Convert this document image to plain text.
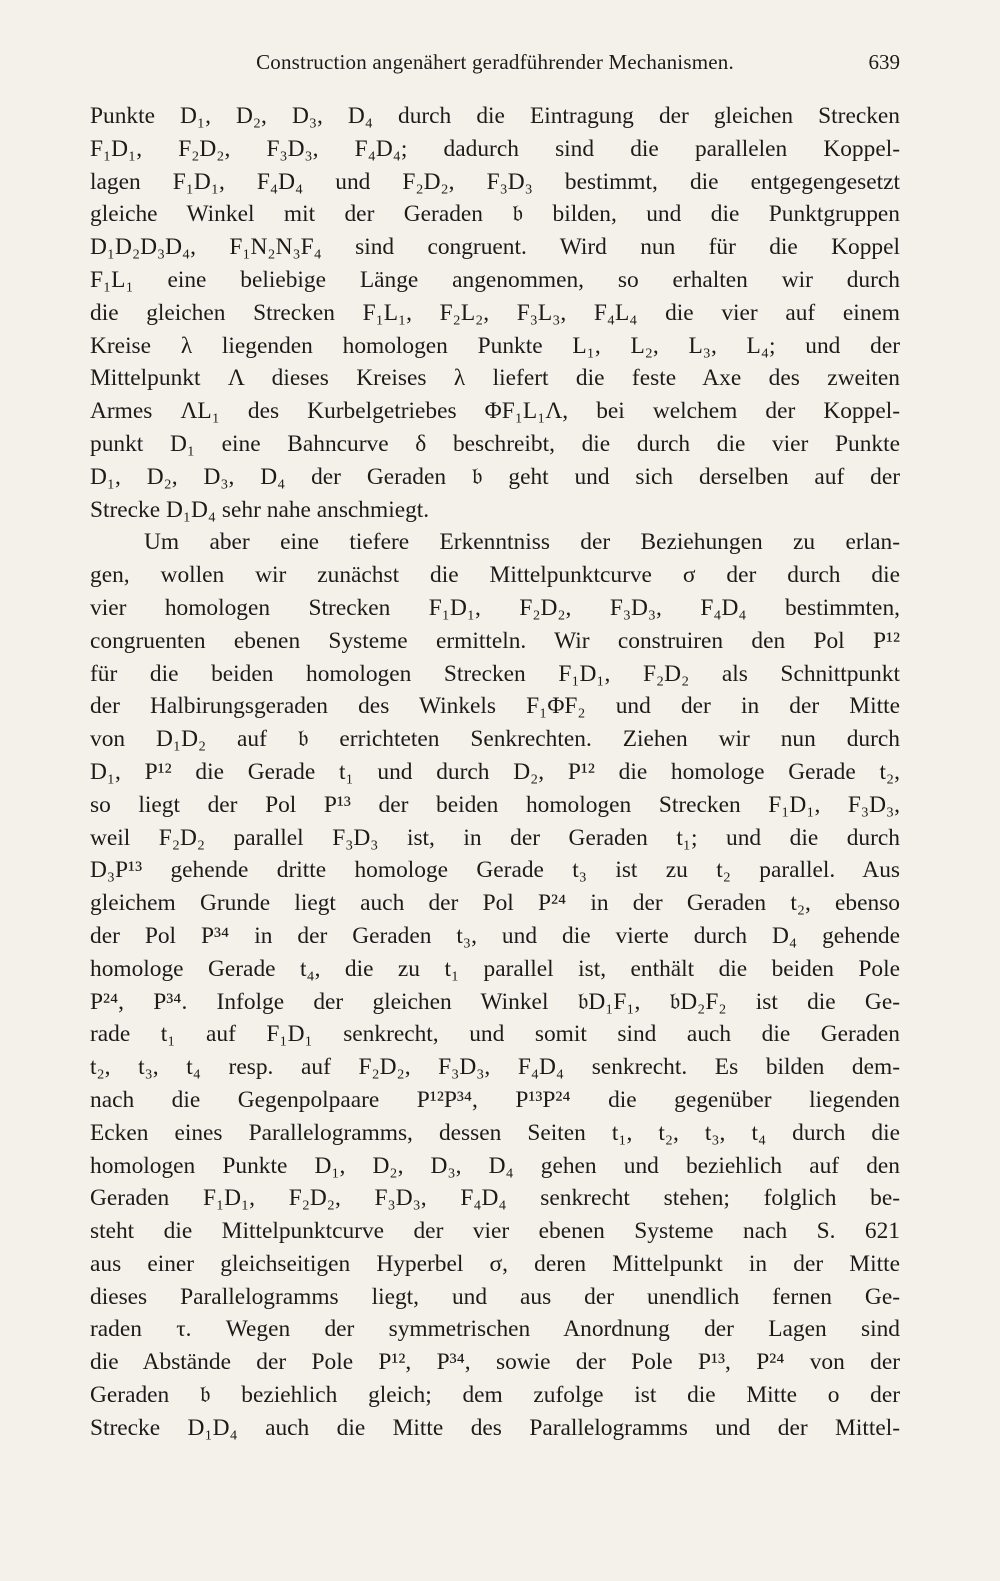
Construction angenähert geradführender Mechanismen.	639
Punkte D₁, D₂, D₃, D₄ durch die Eintragung der gleichen Strecken
F₁D₁, F₂D₂, F₃D₃, F₄D₄; dadurch sind die parallelen Koppel-
lagen F₁D₁, F₄D₄ und F₂D₂, F₃D₃ bestimmt, die entgegengesetzt
gleiche Winkel mit der Geraden 𝔟 bilden, und die Punktgruppen
D₁D₂D₃D₄, F₁N₂N₃F₄ sind congruent. Wird nun für die Koppel
F₁L₁ eine beliebige Länge angenommen, so erhalten wir durch
die gleichen Strecken F₁L₁, F₂L₂, F₃L₃, F₄L₄ die vier auf einem
Kreise λ liegenden homologen Punkte L₁, L₂, L₃, L₄; und der
Mittelpunkt Λ dieses Kreises λ liefert die feste Axe des zweiten
Armes ΛL₁ des Kurbelgetriebes ΦF₁L₁Λ, bei welchem der Koppel-
punkt D₁ eine Bahncurve δ beschreibt, die durch die vier Punkte
D₁, D₂, D₃, D₄ der Geraden 𝔟 geht und sich derselben auf der
Strecke D₁D₄ sehr nahe anschmiegt.
Um aber eine tiefere Erkenntniss der Beziehungen zu erlan-
gen, wollen wir zunächst die Mittelpunktcurve σ der durch die
vier homologen Strecken F₁D₁, F₂D₂, F₃D₃, F₄D₄ bestimmten,
congruenten ebenen Systeme ermitteln. Wir construiren den Pol P¹²
für die beiden homologen Strecken F₁D₁, F₂D₂ als Schnittpunkt
der Halbirungsgeraden des Winkels F₁ΦF₂ und der in der Mitte
von D₁D₂ auf 𝔟 errichteten Senkrechten. Ziehen wir nun durch
D₁, P¹² die Gerade t₁ und durch D₂, P¹² die homologe Gerade t₂,
so liegt der Pol P¹³ der beiden homologen Strecken F₁D₁, F₃D₃,
weil F₂D₂ parallel F₃D₃ ist, in der Geraden t₁; und die durch
D₃P¹³ gehende dritte homologe Gerade t₃ ist zu t₂ parallel. Aus
gleichem Grunde liegt auch der Pol P²⁴ in der Geraden t₂, ebenso
der Pol P³⁴ in der Geraden t₃, und die vierte durch D₄ gehende
homologe Gerade t₄, die zu t₁ parallel ist, enthält die beiden Pole
P²⁴, P³⁴. Infolge der gleichen Winkel 𝔟D₁F₁, 𝔟D₂F₂ ist die Ge-
rade t₁ auf F₁D₁ senkrecht, und somit sind auch die Geraden
t₂, t₃, t₄ resp. auf F₂D₂, F₃D₃, F₄D₄ senkrecht. Es bilden dem-
nach die Gegenpolpaare P¹²P³⁴, P¹³P²⁴ die gegenüber liegenden
Ecken eines Parallelogramms, dessen Seiten t₁, t₂, t₃, t₄ durch die
homologen Punkte D₁, D₂, D₃, D₄ gehen und beziehlich auf den
Geraden F₁D₁, F₂D₂, F₃D₃, F₄D₄ senkrecht stehen; folglich be-
steht die Mittelpunktcurve der vier ebenen Systeme nach S. 621
aus einer gleichseitigen Hyperbel σ, deren Mittelpunkt in der Mitte
dieses Parallelogramms liegt, und aus der unendlich fernen Ge-
raden τ. Wegen der symmetrischen Anordnung der Lagen sind
die Abstände der Pole P¹², P³⁴, sowie der Pole P¹³, P²⁴ von der
Geraden 𝔟 beziehlich gleich; dem zufolge ist die Mitte o der
Strecke D₁D₄ auch die Mitte des Parallelogramms und der Mittel-
